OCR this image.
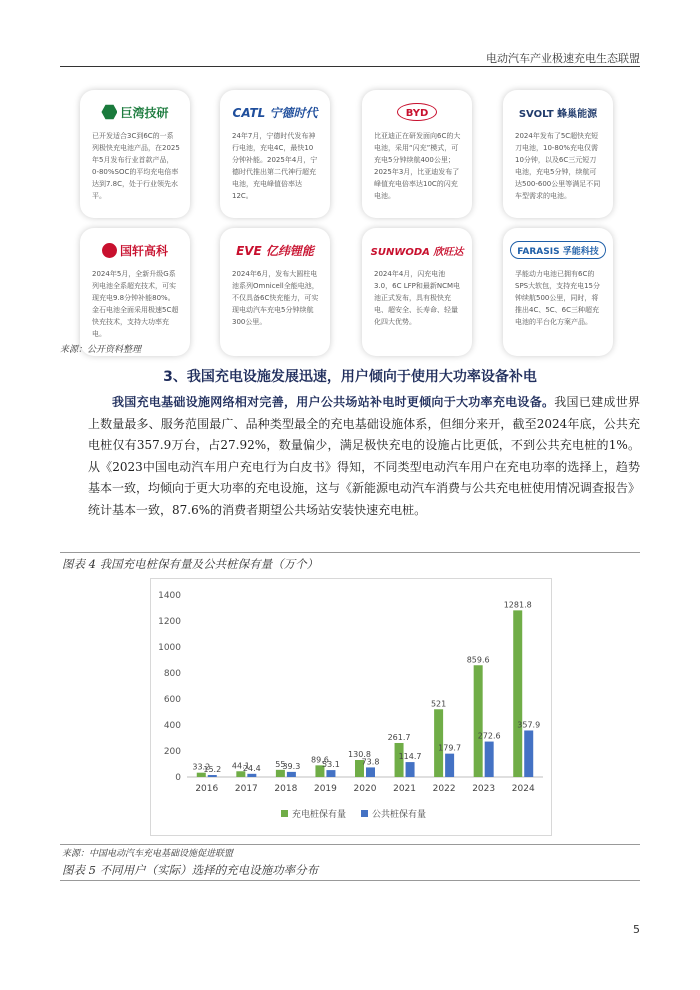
电动汽车产业极速充电生态联盟
巨湾技研
已开发适合3C到6C的一系列极快充电池产品，在2025年5月发布行业首款产品，0-80%SOC的平均充电倍率达到7.8C，处于行业领先水平。
CATL 宁德时代
24年7月，宁德时代发布神行电池，充电4C，最快10分钟补能。2025年4月，宁德时代推出第二代神行超充电池，充电峰值倍率达12C。
BYD
比亚迪正在研发面向6C的大电池，采用“闪充”模式，可充电5分钟续航400公里；2025年3月，比亚迪发布了峰值充电倍率达10C的闪充电池。
SVOLT 蜂巢能源
2024年发布了5C超快充短刀电池，10-80%充电仅需10分钟，以及6C三元短刀电池，充电5分钟，续航可达500-600公里等满足不同车型需求的电池。
国轩高科
2024年5月，全新升级G系列电池全系超充技术，可实现充电9.8分钟补能80%。金石电池全面采用极速5C超快充技术，支持大功率充电。
EVE 亿纬锂能
2024年6月，发布大圆柱电池系列Omnicell全能电池，不仅具备6C快充能力，可实现电动汽车充电5分钟续航300公里。
SUNWODA 欣旺达
2024年4月，闪充电池3.0，6C LFP和最新NCM电池正式发布，具有极快充电、超安全、长寿命、轻量化四大优势。
FARASIS 孚能科技
孚能动力电池已拥有6C的SPS大软包，支持充电15分钟续航500公里，同时，将推出4C、5C、6C三种超充电池的平台化方案产品。
来源：公开资料整理
3、我国充电设施发展迅速，用户倾向于使用大功率设备补电
我国充电基础设施网络相对完善，用户公共场站补电时更倾向于大功率充电设备。我国已建成世界上数量最多、服务范围最广、品种类型最全的充电基础设施体系，但细分来开，截至2024年底，公共充电桩仅有357.9万台，占27.92%，数量偏少，满足极快充电的设施占比更低，不到公共充电桩的1%。从《2023中国电动汽车用户充电行为白皮书》得知，不同类型电动汽车用户在充电功率的选择上，趋势基本一致，均倾向于更大功率的充电设施，这与《新能源电动汽车消费与公共充电桩使用情况调查报告》统计基本一致，87.6%的消费者期望公共场站安装快速充电桩。
图表 4 我国充电桩保有量及公共桩保有量（万个）
0
200
400
600
800
1000
1200
1400
2016
33.2
15.2
2017
44.1
24.4
2018
55
39.3
2019
89.6
53.1
2020
130.8
73.8
2021
261.7
114.7
2022
521
179.7
2023
859.6
272.6
2024
1281.8
357.9
充电桩保有量	公共桩保有量
来源：中国电动汽车充电基础设施促进联盟
图表 5 不同用户（实际）选择的充电设施功率分布
5
